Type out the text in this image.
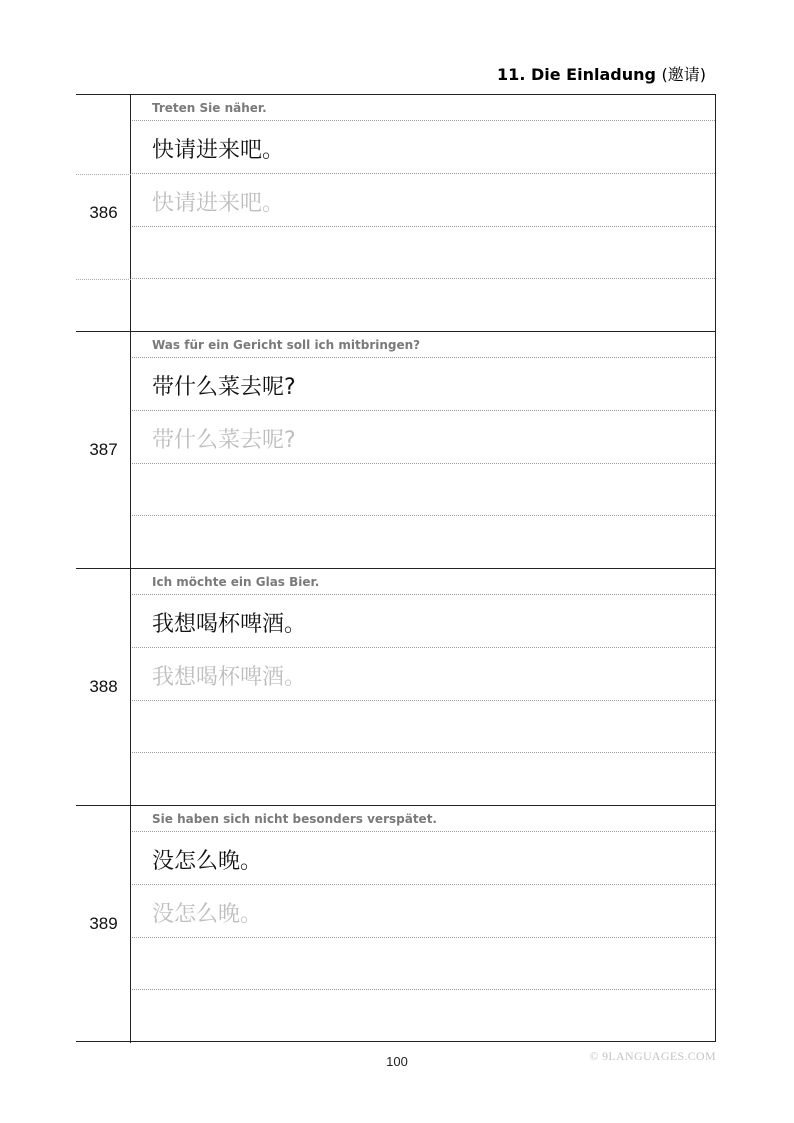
11. Die Einladung (邀请)
386
Treten Sie näher.
快请进来吧。
快请进来吧。
387
Was für ein Gericht soll ich mitbringen?
带什么菜去呢?
带什么菜去呢?
388
Ich möchte ein Glas Bier.
我想喝杯啤酒。
我想喝杯啤酒。
389
Sie haben sich nicht besonders verspätet.
没怎么晚。
没怎么晚。
100	© 9LANGUAGES.COM
